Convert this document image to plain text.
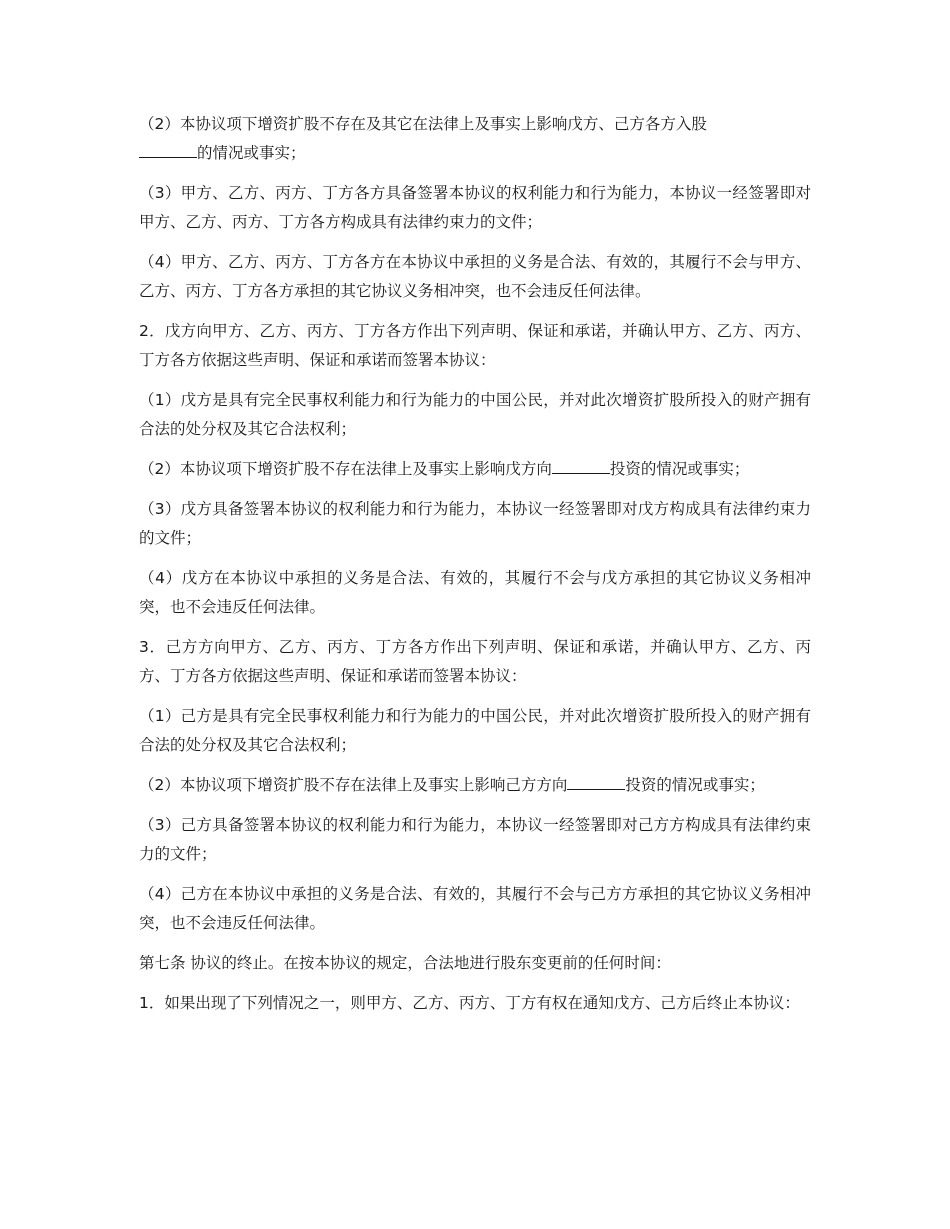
（2）本协议项下增资扩股不存在及其它在法律上及事实上影响戊方、己方各方入股
的情况或事实；

（3）甲方、乙方、丙方、丁方各方具备签署本协议的权利能力和行为能力，本协议一经签署即对甲方、乙方、丙方、丁方各方构成具有法律约束力的文件；

（4）甲方、乙方、丙方、丁方各方在本协议中承担的义务是合法、有效的，其履行不会与甲方、乙方、丙方、丁方各方承担的其它协议义务相冲突，也不会违反任何法律。

2．戊方向甲方、乙方、丙方、丁方各方作出下列声明、保证和承诺，并确认甲方、乙方、丙方、丁方各方依据这些声明、保证和承诺而签署本协议：

（1）戊方是具有完全民事权利能力和行为能力的中国公民，并对此次增资扩股所投入的财产拥有合法的处分权及其它合法权利；

（2）本协议项下增资扩股不存在法律上及事实上影响戊方向	投资的情况或事实；

（3）戊方具备签署本协议的权利能力和行为能力，本协议一经签署即对戊方构成具有法律约束力的文件；

（4）戊方在本协议中承担的义务是合法、有效的，其履行不会与戊方承担的其它协议义务相冲突，也不会违反任何法律。

3．己方方向甲方、乙方、丙方、丁方各方作出下列声明、保证和承诺，并确认甲方、乙方、丙方、丁方各方依据这些声明、保证和承诺而签署本协议：

（1）己方是具有完全民事权利能力和行为能力的中国公民，并对此次增资扩股所投入的财产拥有合法的处分权及其它合法权利；

（2）本协议项下增资扩股不存在法律上及事实上影响己方方向	投资的情况或事实；

（3）己方具备签署本协议的权利能力和行为能力，本协议一经签署即对己方方构成具有法律约束力的文件；

（4）己方在本协议中承担的义务是合法、有效的，其履行不会与己方方承担的其它协议义务相冲突，也不会违反任何法律。

第七条 协议的终止。在按本协议的规定，合法地进行股东变更前的任何时间：

1．如果出现了下列情况之一，则甲方、乙方、丙方、丁方有权在通知戊方、己方后终止本协议：
